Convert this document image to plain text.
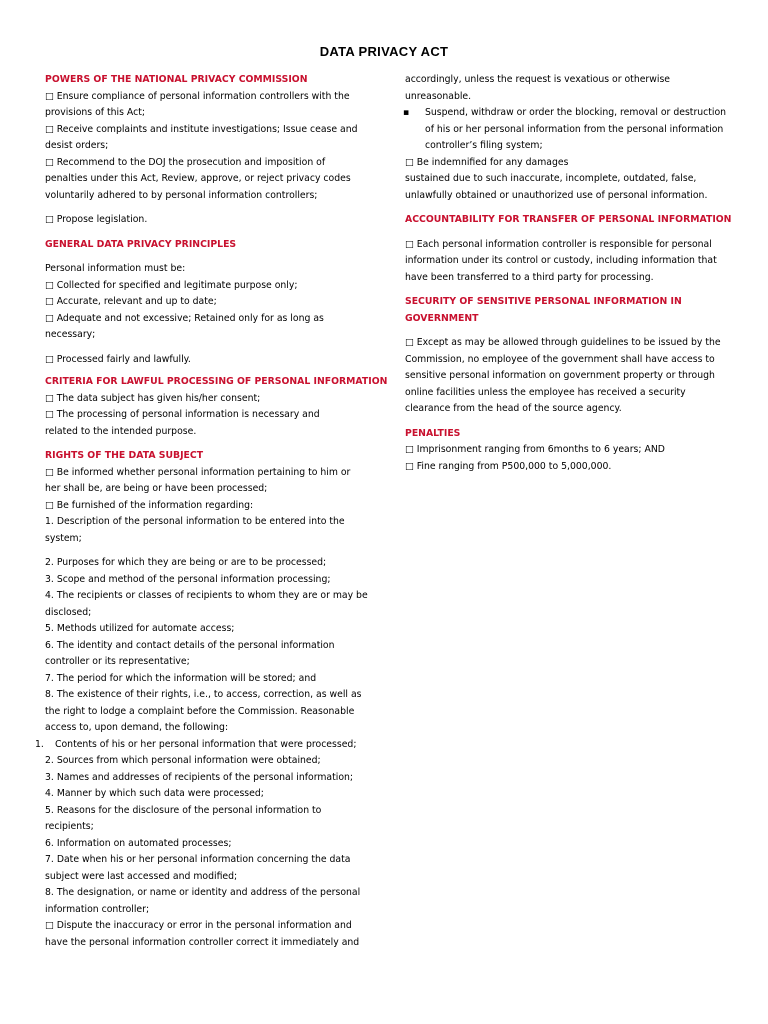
DATA PRIVACY ACT
POWERS OF THE NATIONAL PRIVACY COMMISSION
□ Ensure compliance of personal information controllers with the
provisions of this Act;
□ Receive complaints and institute investigations; Issue cease and
desist orders;
□ Recommend to the DOJ the prosecution and imposition of
penalties under this Act, Review, approve, or reject privacy codes
voluntarily adhered to by personal information controllers;
□ Propose legislation.
GENERAL DATA PRIVACY PRINCIPLES
Personal information must be:
□ Collected for specified and legitimate purpose only;
□ Accurate, relevant and up to date;
□ Adequate and not excessive; Retained only for as long as
necessary;
□ Processed fairly and lawfully.
CRITERIA FOR LAWFUL PROCESSING OF PERSONAL INFORMATION
□ The data subject has given his/her consent;
□ The processing of personal information is necessary and
related to the intended purpose.
RIGHTS OF THE DATA SUBJECT
□ Be informed whether personal information pertaining to him or
her shall be, are being or have been processed;
□ Be furnished of the information regarding:
1. Description of the personal information to be entered into the
system;
2. Purposes for which they are being or are to be processed;
3. Scope and method of the personal information processing;
4. The recipients or classes of recipients to whom they are or may be
disclosed;
5. Methods utilized for automate access;
6. The identity and contact details of the personal information
controller or its representative;
7. The period for which the information will be stored; and
8. The existence of their rights, i.e., to access, correction, as well as
the right to lodge a complaint before the Commission. Reasonable
access to, upon demand, the following:
1. Contents of his or her personal information that were processed;
2. Sources from which personal information were obtained;
3. Names and addresses of recipients of the personal information;
4. Manner by which such data were processed;
5. Reasons for the disclosure of the personal information to
recipients;
6. Information on automated processes;
7. Date when his or her personal information concerning the data
subject were last accessed and modified;
8. The designation, or name or identity and address of the personal
information controller;
□ Dispute the inaccuracy or error in the personal information and
have the personal information controller correct it immediately and
accordingly, unless the request is vexatious or otherwise
unreasonable.
▪ Suspend, withdraw or order the blocking, removal or destruction
of his or her personal information from the personal information
controller’s filing system;
□ Be indemnified for any damages
sustained due to such inaccurate, incomplete, outdated, false,
unlawfully obtained or unauthorized use of personal information.
ACCOUNTABILITY FOR TRANSFER OF PERSONAL INFORMATION
□ Each personal information controller is responsible for personal
information under its control or custody, including information that
have been transferred to a third party for processing.
SECURITY OF SENSITIVE PERSONAL INFORMATION IN
GOVERNMENT
□ Except as may be allowed through guidelines to be issued by the
Commission, no employee of the government shall have access to
sensitive personal information on government property or through
online facilities unless the employee has received a security
clearance from the head of the source agency.
PENALTIES
□ Imprisonment ranging from 6months to 6 years; AND
□ Fine ranging from P500,000 to 5,000,000.
